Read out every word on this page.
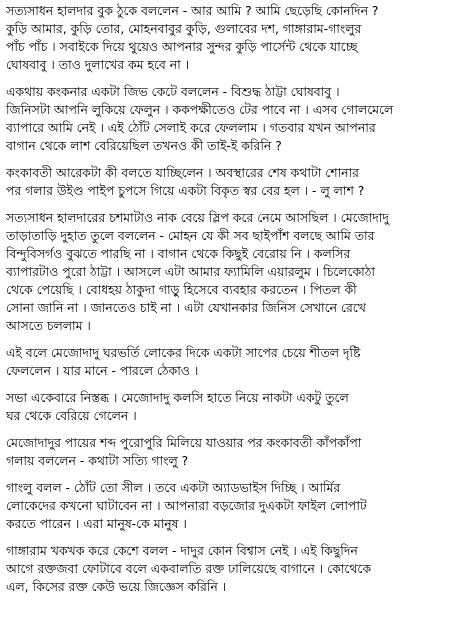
সত্যসাধন হালদার বুক ঠুকে বললেন - আর আমি ? আমি ছেড়েছি কোনদিন ?
কুড়ি আমার, কুড়ি তোর, মোহনবাবুর কুড়ি, গুলাবের দশ, গাঙ্গারাম-গাংলুর
পাঁচ পাঁচ । সবাইকে দিয়ে থুয়েও আপনার সুন্দর কুড়ি পার্সেন্ট থেকে যাচ্ছে
ঘোষবাবু । তাও দুলাখের কম হবে না ।

একথায় কংকনার একটা জিভ কেটে বললেন - বিশুদ্ধ ঠাট্টা ঘোষবাবু ।
জিনিসটা আপনি লুকিয়ে ফেলুন । ককপক্ষীতেও টের পাবে না । এসব গোলমেলে
ব্যাপারে আমি নেই । এই ঠোঁট সেলাই করে ফেললাম । গতবার যখন আপনার
বাগান থেকে লাশ বেরিয়েছিল তখনও কী তাই-ই করিনি ?

কংকাবতী আরেকটা কী বলতে যাচ্ছিলেন । অবস্থারের শেষ কথাটা শোনার
পর গলার উইণ্ড পাইপ চুপসে গিয়ে একটা বিকৃত স্বর বের হল । - লু লাশ ?

সত্যসাধন হালদারের চশমাটাও নাক বেয়ে স্লিপ করে নেমে আসছিল । মেজোদাদু
তাড়াতাড়ি দুহাত তুলে বললেন - মোহন যে কী সব ছাইপাঁশ বলছে আমি তার
বিন্দুবিসর্গও বুঝতে পারছি না । বাগান থেকে কিছুই বেরোয় নি । কলসির
ব্যাপারটাও পুরো ঠাট্টা । আসলে এটা আমার ফ্যামিলি এয়ারলুম । চিলেকোঠা
থেকে পেয়েছি । বোধহয় ঠাকুদা গাড়ু হিসেবে ব্যবহার করতেন । পিতল কী
সোনা জানি না । জানতেও চাই না । এটা যেখানকার জিনিস সেখানে রেখে
আসতে চললাম ।

এই বলে মেজোদাদু ঘরভর্তি লোকের দিকে একটা সাপের চেয়ে শীতল দৃষ্টি
ফেললেন । যার মানে - পারলে ঠেকাও ।

সভা একেবারে নিস্তব্ধ । মেজোদাদু কলসি হাতে নিয়ে নাকটা একটু তুলে
ঘর থেকে বেরিয়ে গেলেন ।

মেজোদাদুর পায়ের শব্দ পুরোপুরি মিলিয়ে যাওয়ার পর কংকাবতী কাঁপকাঁপা
গলায় বললেন - কথাটা সত্যি গাংলু ?

গাংলু বলল - ঠোঁট তো সীল । তবে একটা অ্যাডভাইস দিচ্ছি । আর্মির
লোকেদের কখনো ঘাটাবেন না । আপনারা বড়জোর দুএকটা ফাইল লোপাট
করতে পারেন । এরা মানুষ-কে মানুষ ।

গাঙ্গারাম খকখক করে কেশে বলল - দাদুর কোন বিশ্বাস নেই । এই কিছুদিন
আগে রক্তজবা ফোটাবে বলে একবালতি রক্ত ঢালিয়েছে বাগানে । কোথেকে
এল, কিসের রক্ত কেউ ভয়ে জিজ্ঞেস করিনি ।
